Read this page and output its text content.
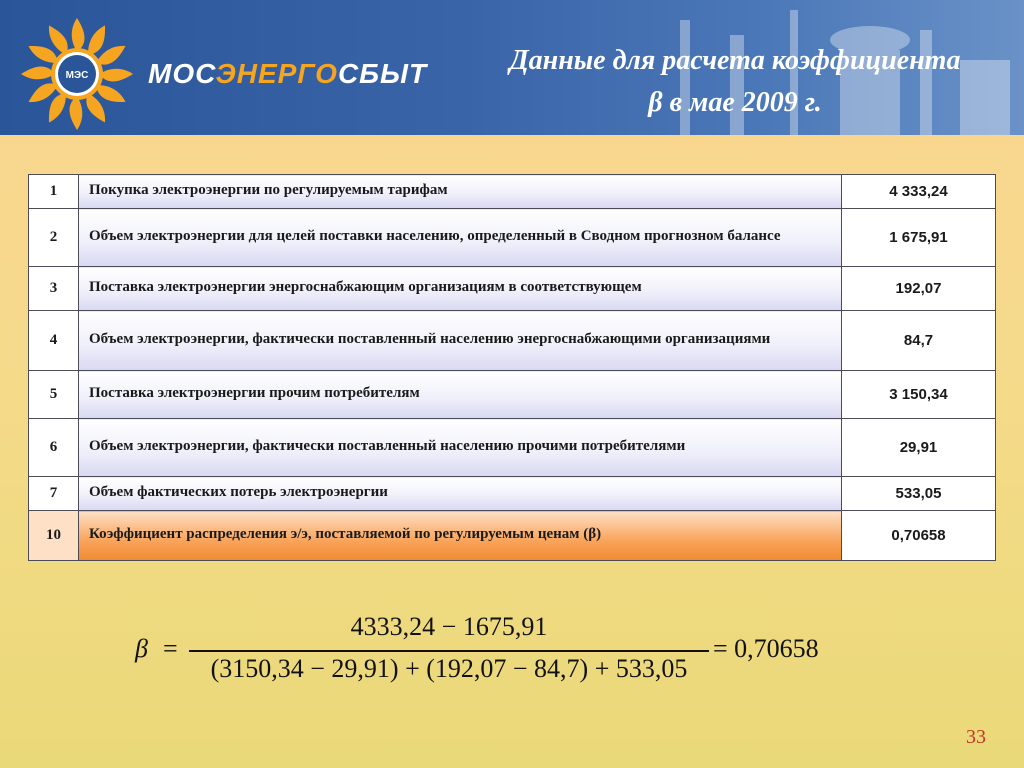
МЭС МОСЭНЕРГОСБЫТ	Данные для расчета коэффициента
β в мае 2009 г.
1	Покупка электроэнергии по регулируемым тарифам	4 333,24
2	Объем электроэнергии для целей поставки населению, определенный в Сводном прогнозном балансе	1 675,91
3	Поставка электроэнергии энергоснабжающим организациям в соответствующем	192,07
4	Объем электроэнергии, фактически поставленный населению энергоснабжающими организациями	84,7
5	Поставка электроэнергии прочим потребителям	3 150,34
6	Объем электроэнергии, фактически поставленный населению прочими потребителями	29,91
7	Объем фактических потерь электроэнергии	533,05
10	Коэффициент распределения э/э, поставляемой по регулируемым ценам (β)	0,70658
β =
4333,24 − 1675,91
(3150,34 − 29,91) + (192,07 − 84,7) + 533,05
= 0,70658
33
